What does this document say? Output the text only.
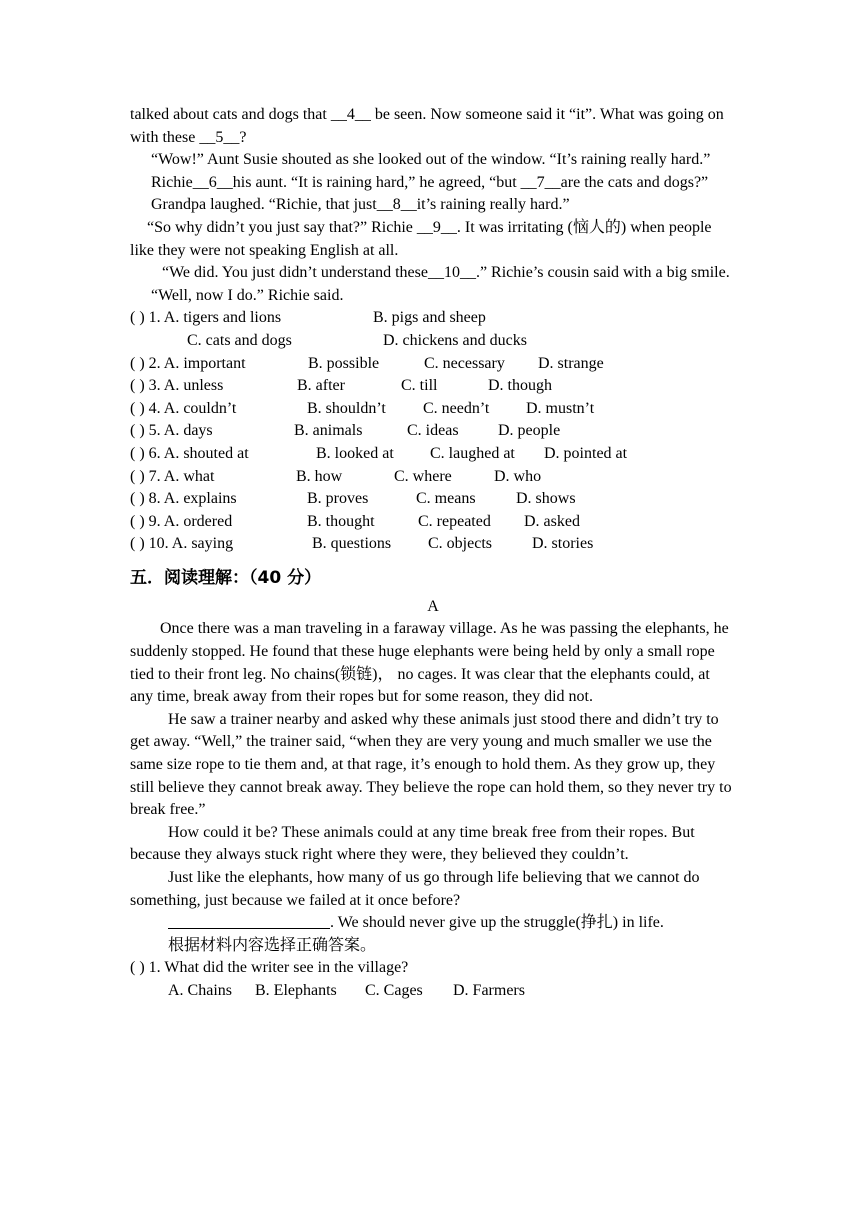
talked about cats and dogs that __4__ be seen. Now someone said it “it”. What was going on with these __5__?

“Wow!” Aunt Susie shouted as she looked out of the window. “It’s raining really hard.”

Richie__6__his aunt. “It is raining hard,” he agreed, “but __7__are the cats and dogs?”

Grandpa laughed. “Richie, that just__8__it’s raining really hard.”

“So why didn’t you just say that?” Richie __9__. It was irritating (恼人的) when people like they were not speaking English at all.

“We did. You just didn’t understand these__10__.” Richie’s cousin said with a big smile.

“Well, now I do.” Richie said.

( ) 1. A. tigers and lions	B. pigs and sheep
C. cats and dogs	D. chickens and ducks
( ) 2. A. important	B. possible	C. necessary D. strange
( ) 3. A. unless	B. after	C. till	D. though
( ) 4. A. couldn’t	B. shouldn’t C. needn’t D. mustn’t
( ) 5. A. days	B. animals	C. ideas D. people
( ) 6. A. shouted at	B. looked at C. laughed at D. pointed at
( ) 7. A. what	B. how	C. where	D. who
( ) 8. A. explains	B. proves	C. means	D. shows
( ) 9. A. ordered	B. thought	C. repeated D. asked
( ) 10. A. saying	B. questions C. objects	D. stories
五．阅读理解：（40 分）

A

Once there was a man traveling in a faraway village. As he was passing the elephants, he suddenly stopped. He found that these huge elephants were being held by only a small rope tied to their front leg. No chains(锁链)， no cages. It was clear that the elephants could, at any time, break away from their ropes but for some reason, they did not.

He saw a trainer nearby and asked why these animals just stood there and didn’t try to get away. “Well,” the trainer said, “when they are very young and much smaller we use the same size rope to tie them and, at that rage, it’s enough to hold them. As they grow up, they still believe they cannot break away. They believe the rope can hold them, so they never try to break free.”

How could it be? These animals could at any time break free from their ropes. But because they always stuck right where they were, they believed they couldn’t.

Just like the elephants, how many of us go through life believing that we cannot do something, just because we failed at it once before?

. We should never give up the struggle(挣扎) in life.

根据材料内容选择正确答案。

( ) 1. What did the writer see in the village?

A. Chains B. Elephants C. Cages D. Farmers
